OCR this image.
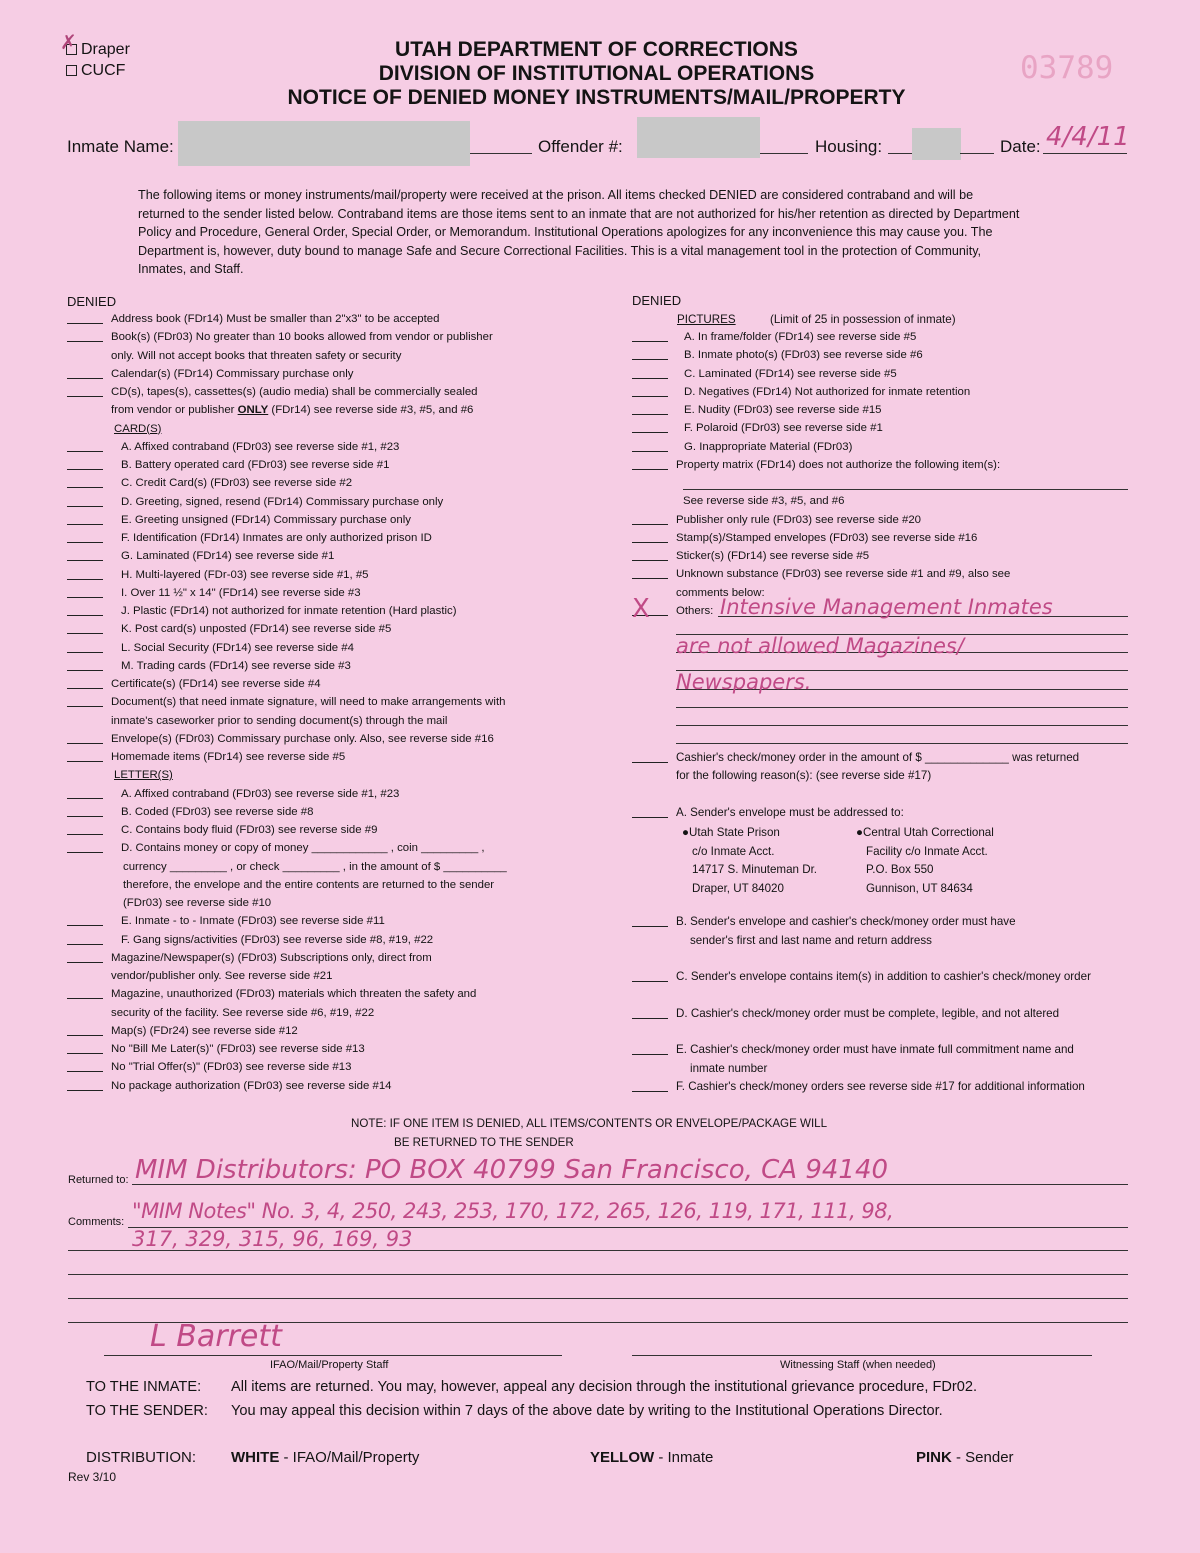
Draper
✗
CUCF
UTAH DEPARTMENT OF CORRECTIONS
DIVISION OF INSTITUTIONAL OPERATIONS
NOTICE OF DENIED MONEY INSTRUMENTS/MAIL/PROPERTY
03789
Inmate Name:	Offender #:	Housing:	Date: 4/4/11
The following items or money instruments/mail/property were received at the prison. All items checked DENIED are considered contraband and will be returned to the sender listed below. Contraband items are those items sent to an inmate that are not authorized for his/her retention as directed by Department Policy and Procedure, General Order, Special Order, or Memorandum. Institutional Operations apologizes for any inconvenience this may cause you. The Department is, however, duty bound to manage Safe and Secure Correctional Facilities. This is a vital management tool in the protection of Community, Inmates, and Staff.
DENIED
Address book (FDr14) Must be smaller than 2"x3" to be accepted
Book(s) (FDr03) No greater than 10 books allowed from vendor or publisher
only. Will not accept books that threaten safety or security
Calendar(s) (FDr14) Commissary purchase only
CD(s), tapes(s), cassettes(s) (audio media) shall be commercially sealed
from vendor or publisher ONLY (FDr14) see reverse side #3, #5, and #6
CARD(S)
A. Affixed contraband (FDr03) see reverse side #1, #23
B. Battery operated card (FDr03) see reverse side #1
C. Credit Card(s) (FDr03) see reverse side #2
D. Greeting, signed, resend (FDr14) Commissary purchase only
E. Greeting unsigned (FDr14) Commissary purchase only
F. Identification (FDr14) Inmates are only authorized prison ID
G. Laminated (FDr14) see reverse side #1
H. Multi-layered (FDr-03) see reverse side #1, #5
I. Over 11 ½" x 14" (FDr14) see reverse side #3
J. Plastic (FDr14) not authorized for inmate retention (Hard plastic)
K. Post card(s) unposted (FDr14) see reverse side #5
L. Social Security (FDr14) see reverse side #4
M. Trading cards (FDr14) see reverse side #3
Certificate(s) (FDr14) see reverse side #4
Document(s) that need inmate signature, will need to make arrangements with
inmate's caseworker prior to sending document(s) through the mail
Envelope(s) (FDr03) Commissary purchase only. Also, see reverse side #16
Homemade items (FDr14) see reverse side #5
LETTER(S)
A. Affixed contraband (FDr03) see reverse side #1, #23
B. Coded (FDr03) see reverse side #8
C. Contains body fluid (FDr03) see reverse side #9
D. Contains money or copy of money ____________ , coin _________ ,
currency _________ , or check _________ , in the amount of $ __________
therefore, the envelope and the entire contents are returned to the sender
(FDr03) see reverse side #10
E. Inmate - to - Inmate (FDr03) see reverse side #11
F. Gang signs/activities (FDr03) see reverse side #8, #19, #22
Magazine/Newspaper(s) (FDr03) Subscriptions only, direct from
vendor/publisher only. See reverse side #21
Magazine, unauthorized (FDr03) materials which threaten the safety and
security of the facility. See reverse side #6, #19, #22
Map(s) (FDr24) see reverse side #12
No "Bill Me Later(s)" (FDr03) see reverse side #13
No "Trial Offer(s)" (FDr03) see reverse side #13
No package authorization (FDr03) see reverse side #14
DENIED
PICTURES	(Limit of 25 in possession of inmate)
A. In frame/folder (FDr14) see reverse side #5
B. Inmate photo(s) (FDr03) see reverse side #6
C. Laminated (FDr14) see reverse side #5
D. Negatives (FDr14) Not authorized for inmate retention
E. Nudity (FDr03) see reverse side #15
F. Polaroid (FDr03) see reverse side #1
G. Inappropriate Material (FDr03)
Property matrix (FDr14) does not authorize the following item(s):
See reverse side #3, #5, and #6
Publisher only rule (FDr03) see reverse side #20
Stamp(s)/Stamped envelopes (FDr03) see reverse side #16
Sticker(s) (FDr14) see reverse side #5
Unknown substance (FDr03) see reverse side #1 and #9, also see
comments below:
Others:
X	Intensive Management Inmates
are not allowed Magazines/
Newspapers.
Cashier's check/money order in the amount of $ _____________ was returned
for the following reason(s): (see reverse side #17)
A. Sender's envelope must be addressed to:
●Utah State Prison
c/o Inmate Acct.
14717 S. Minuteman Dr.
Draper, UT 84020
●Central Utah Correctional
Facility c/o Inmate Acct.
P.O. Box 550
Gunnison, UT 84634
B. Sender's envelope and cashier's check/money order must have
sender's first and last name and return address
C. Sender's envelope contains item(s) in addition to cashier's check/money order
D. Cashier's check/money order must be complete, legible, and not altered
E. Cashier's check/money order must have inmate full commitment name and
inmate number
F. Cashier's check/money orders see reverse side #17 for additional information
NOTE: IF ONE ITEM IS DENIED, ALL ITEMS/CONTENTS OR ENVELOPE/PACKAGE WILL
BE RETURNED TO THE SENDER
Returned to: MIM Distributors: PO BOX 40799 San Francisco, CA 94140
Comments: "MIM Notes" No. 3, 4, 250, 243, 253, 170, 172, 265, 126, 119, 171, 111, 98,
317, 329, 315, 96, 169, 93
L Barrett
IFAO/Mail/Property Staff	Witnessing Staff (when needed)
TO THE INMATE: All items are returned. You may, however, appeal any decision through the institutional grievance procedure, FDr02.
TO THE SENDER: You may appeal this decision within 7 days of the above date by writing to the Institutional Operations Director.
DISTRIBUTION: WHITE - IFAO/Mail/Property	YELLOW - Inmate	PINK - Sender
Rev 3/10
